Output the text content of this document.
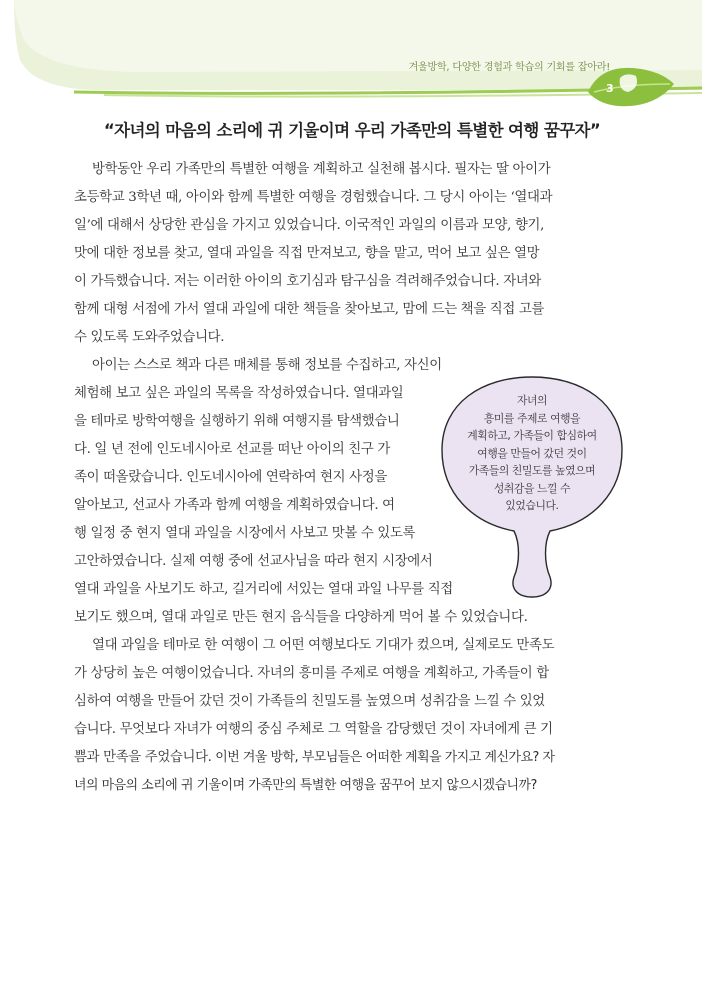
겨울방학, 다양한 경험과 학습의 기회를 잡아라!
3
“자녀의 마음의 소리에 귀 기울이며 우리 가족만의 특별한 여행 꿈꾸자”
방학동안 우리 가족만의 특별한 여행을 계획하고 실천해 봅시다. 필자는 딸 아이가
초등학교 3학년 때, 아이와 함께 특별한 여행을 경험했습니다. 그 당시 아이는 ‘열대과
일’에 대해서 상당한 관심을 가지고 있었습니다. 이국적인 과일의 이름과 모양, 향기,
맛에 대한 정보를 찾고, 열대 과일을 직접 만져보고, 향을 맡고, 먹어 보고 싶은 열망
이 가득했습니다. 저는 이러한 아이의 호기심과 탐구심을 격려해주었습니다. 자녀와
함께 대형 서점에 가서 열대 과일에 대한 책들을 찾아보고, 맘에 드는 책을 직접 고를
수 있도록 도와주었습니다.
아이는 스스로 책과 다른 매체를 통해 정보를 수집하고, 자신이
체험해 보고 싶은 과일의 목록을 작성하였습니다. 열대과일
을 테마로 방학여행을 실행하기 위해 여행지를 탐색했습니
다. 일 년 전에 인도네시아로 선교를 떠난 아이의 친구 가
족이 떠올랐습니다. 인도네시아에 연락하여 현지 사정을
알아보고, 선교사 가족과 함께 여행을 계획하였습니다. 여
행 일정 중 현지 열대 과일을 시장에서 사보고 맛볼 수 있도록
고안하였습니다. 실제 여행 중에 선교사님을 따라 현지 시장에서
열대 과일을 사보기도 하고, 길거리에 서있는 열대 과일 나무를 직접
보기도 했으며, 열대 과일로 만든 현지 음식들을 다양하게 먹어 볼 수 있었습니다.
열대 과일을 테마로 한 여행이 그 어떤 여행보다도 기대가 컸으며, 실제로도 만족도
가 상당히 높은 여행이었습니다. 자녀의 흥미를 주제로 여행을 계획하고, 가족들이 합
심하여 여행을 만들어 갔던 것이 가족들의 친밀도를 높였으며 성취감을 느낄 수 있었
습니다. 무엇보다 자녀가 여행의 중심 주체로 그 역할을 감당했던 것이 자녀에게 큰 기
쁨과 만족을 주었습니다. 이번 겨울 방학, 부모님들은 어떠한 계획을 가지고 계신가요? 자
녀의 마음의 소리에 귀 기울이며 가족만의 특별한 여행을 꿈꾸어 보지 않으시겠습니까?
자녀의
흥미를 주제로 여행을
계획하고, 가족들이 합심하여
여행을 만들어 갔던 것이
가족들의 친밀도를 높였으며
성취감을 느낄 수
있었습니다.
